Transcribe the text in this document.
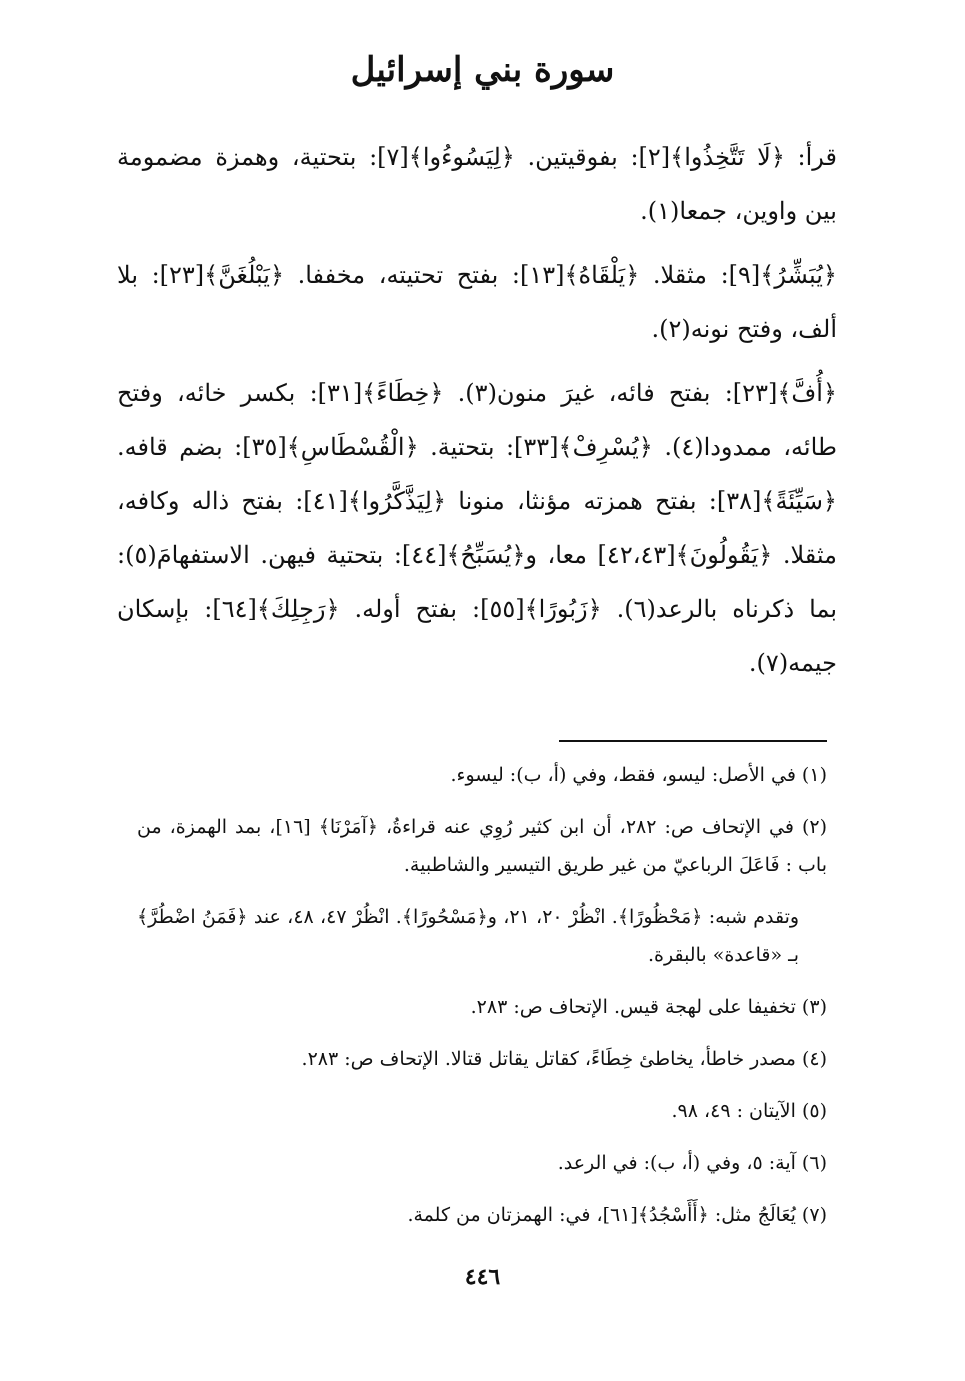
سورة بني إسرائيل

قرأ: ﴿لَا تَتَّخِذُوا﴾[٢]: بفوقيتين. ﴿لِيَسُوءُوا﴾[٧]: بتحتية، وهمزة مضمومة بين واوين، جمعا(١).

﴿يُبَشِّرُ﴾[٩]: مثقلا. ﴿يَلْقَاهُ﴾[١٣]: بفتح تحتيته، مخففا. ﴿يَبْلُغَنَّ﴾[٢٣]: بلا ألف، وفتح نونه(٢).

﴿أُفَّ﴾[٢٣]: بفتح فائه، غيرَ منون(٣). ﴿خِطَاءً﴾[٣١]: بكسر خائه، وفتح طائه، ممدودا(٤). ﴿يُسْرِفْ﴾[٣٣]: بتحتية. ﴿الْقُسْطَاسِ﴾[٣٥]: بضم قافه. ﴿سَيِّئَةً﴾[٣٨]: بفتح همزته مؤنثا، منونا ﴿لِيَذَّكَّرُوا﴾[٤١]: بفتح ذاله وكافه، مثقلا. ﴿يَقُولُونَ﴾[٤٢،٤٣] معا، و﴿يُسَبِّحُ﴾[٤٤]: بتحتية فيهن. الاستفهامَ(٥): بما ذكرناه بالرعد(٦). ﴿زَبُورًا﴾[٥٥]: بفتح أوله. ﴿رَجِلِكَ﴾[٦٤]: بإسكان جيمه(٧).

(١) في الأصل: ليسو، فقط، وفي (أ، ب): ليسوء.

(٢) في الإتحاف ص: ٢٨٢، أن ابن كثير رُوِي عنه قراءةُ، ﴿آمَرْنَا﴾ [١٦]، بمد الهمزة، من باب : فَاعَلَ الرباعيّ من غير طريق التيسير والشاطبية.

وتقدم شبه: ﴿مَحْظُورًا﴾. انْظُرْ ٢٠، ٢١، و﴿مَسْحُورًا﴾. انْظُرْ ٤٧، ٤٨، عند ﴿فَمَنُ اضْطُرَّ﴾ بـ «قاعدة» بالبقرة.

(٣) تخفيفا على لهجة قيس. الإتحاف ص: ٢٨٣.

(٤) مصدر خاطأ، يخاطئ خِطَاءً، كقاتل يقاتل قتالا. الإتحاف ص: ٢٨٣.

(٥) الآيتان : ٤٩، ٩٨.

(٦) آية: ٥، وفي (أ، ب): في الرعد.

(٧) يُعَالَجُ مثل: ﴿أَأَسْجُدُ﴾[٦١]، في: الهمزتان من كلمة.

٤٤٦
